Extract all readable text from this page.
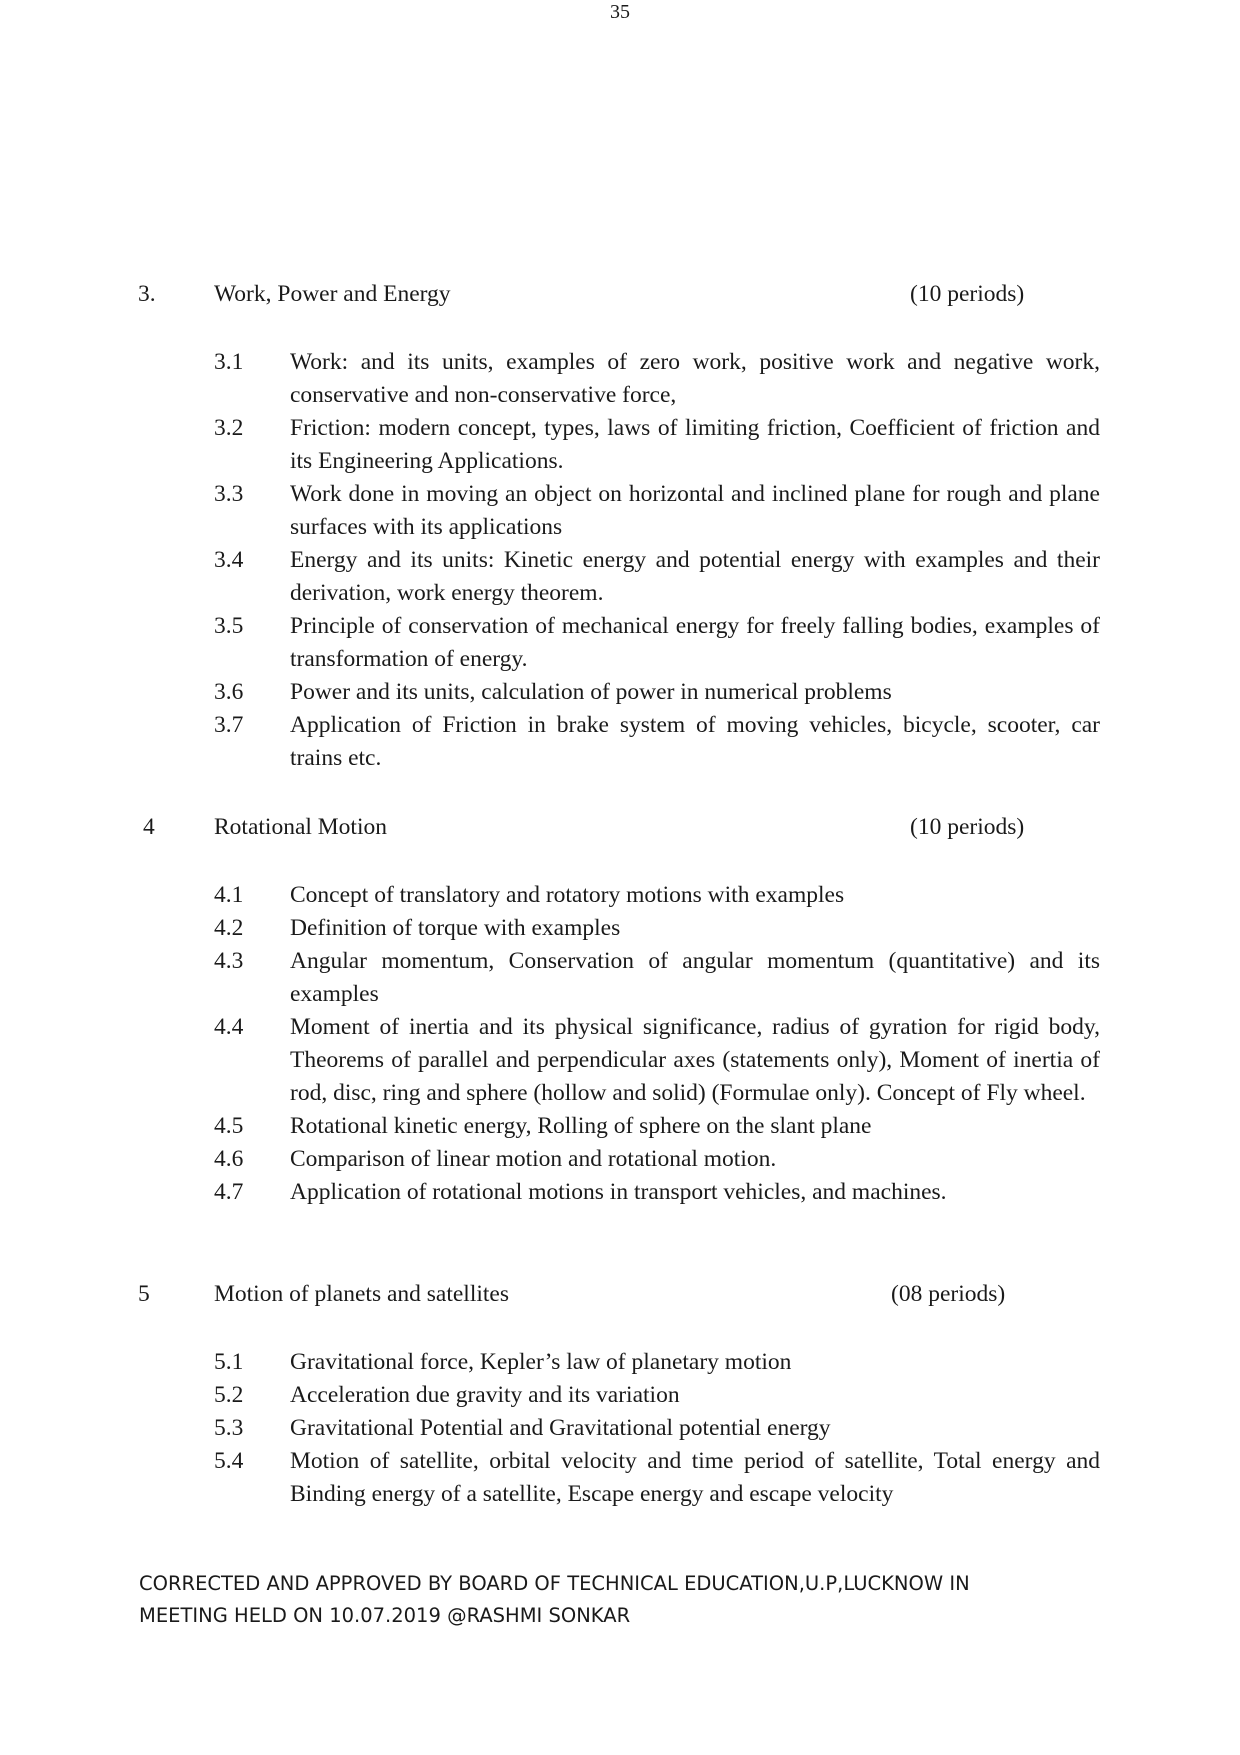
35
3. Work, Power and Energy	(10 periods)
3.1 Work: and its units, examples of zero work, positive work and negative work, conservative and non-conservative force,
3.2 Friction: modern concept, types, laws of limiting friction, Coefficient of friction and its Engineering Applications.
3.3 Work done in moving an object on horizontal and inclined plane for rough and plane surfaces with its applications
3.4 Energy and its units: Kinetic energy and potential energy with examples and their derivation, work energy theorem.
3.5 Principle of conservation of mechanical energy for freely falling bodies, examples of transformation of energy.
3.6 Power and its units, calculation of power in numerical problems
3.7 Application of Friction in brake system of moving vehicles, bicycle, scooter, car trains etc.
4	Rotational Motion	(10 periods)
4.1 Concept of translatory and rotatory motions with examples
4.2 Definition of torque with examples
4.3 Angular momentum, Conservation of angular momentum (quantitative) and its examples
4.4 Moment of inertia and its physical significance, radius of gyration for rigid body, Theorems of parallel and perpendicular axes (statements only), Moment of inertia of rod, disc, ring and sphere (hollow and solid) (Formulae only). Concept of Fly wheel.
4.5 Rotational kinetic energy, Rolling of sphere on the slant plane
4.6 Comparison of linear motion and rotational motion.
4.7 Application of rotational motions in transport vehicles, and machines.
5	Motion of planets and satellites	(08 periods)
5.1 Gravitational force, Kepler’s law of planetary motion
5.2 Acceleration due gravity and its variation
5.3 Gravitational Potential and Gravitational potential energy
5.4 Motion of satellite, orbital velocity and time period of satellite, Total energy and Binding energy of a satellite, Escape energy and escape velocity
CORRECTED AND APPROVED BY BOARD OF TECHNICAL EDUCATION,U.P,LUCKNOW IN
MEETING HELD ON 10.07.2019 @RASHMI SONKAR
